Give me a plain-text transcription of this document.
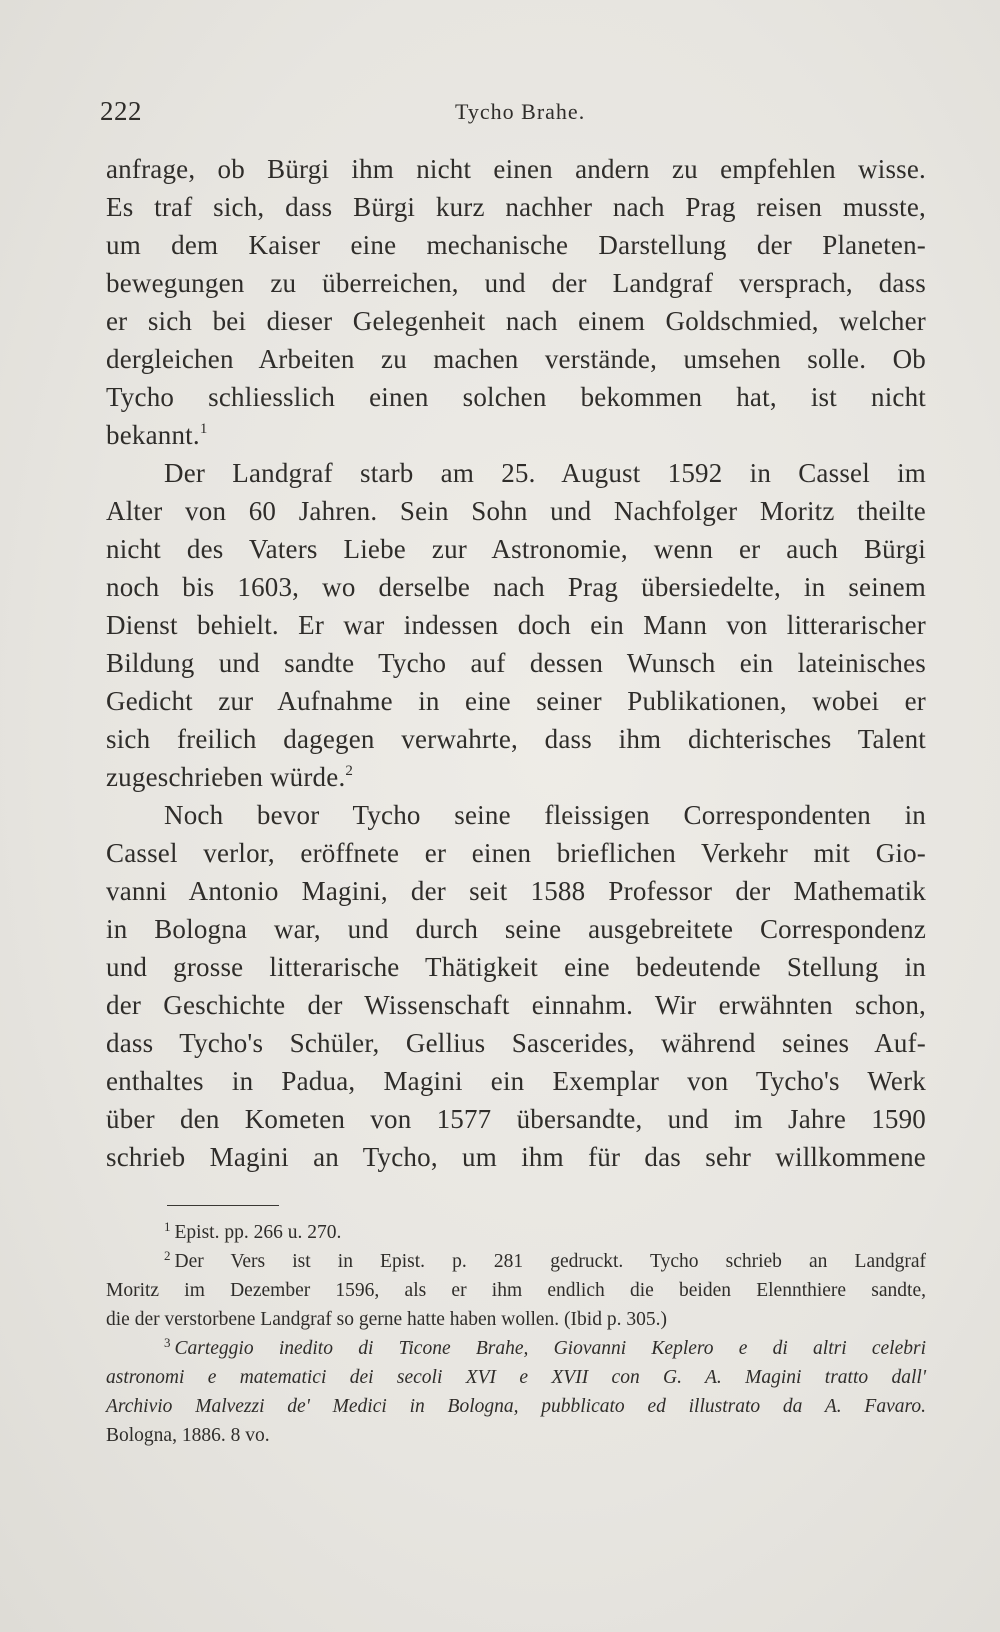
222	Tycho Brahe.
anfrage, ob Bürgi ihm nicht einen andern zu empfehlen wisse.
Es traf sich, dass Bürgi kurz nachher nach Prag reisen musste,
um dem Kaiser eine mechanische Darstellung der Planeten-
bewegungen zu überreichen, und der Landgraf versprach, dass
er sich bei dieser Gelegenheit nach einem Goldschmied, welcher
dergleichen Arbeiten zu machen verstände, umsehen solle. Ob
Tycho schliesslich einen solchen bekommen hat, ist nicht
bekannt.$^1$
Der Landgraf starb am 25. August 1592 in Cassel im
Alter von 60 Jahren. Sein Sohn und Nachfolger Moritz theilte
nicht des Vaters Liebe zur Astronomie, wenn er auch Bürgi
noch bis 1603, wo derselbe nach Prag übersiedelte, in seinem
Dienst behielt. Er war indessen doch ein Mann von litterarischer
Bildung und sandte Tycho auf dessen Wunsch ein lateinisches
Gedicht zur Aufnahme in eine seiner Publikationen, wobei er
sich freilich dagegen verwahrte, dass ihm dichterisches Talent
zugeschrieben würde.$^2$
Noch bevor Tycho seine fleissigen Correspondenten in
Cassel verlor, eröffnete er einen brieflichen Verkehr mit Gio-
vanni Antonio Magini, der seit 1588 Professor der Mathematik
in Bologna war, und durch seine ausgebreitete Correspondenz
und grosse litterarische Thätigkeit eine bedeutende Stellung in
der Geschichte der Wissenschaft einnahm. Wir erwähnten schon,
dass Tycho's Schüler, Gellius Sascerides, während seines Auf-
enthaltes in Padua, Magini ein Exemplar von Tycho's Werk
über den Kometen von 1577 übersandte, und im Jahre 1590
schrieb Magini an Tycho, um ihm für das sehr willkommene
$^1$ Epist. pp. 266 u. 270.
$^2$ Der Vers ist in Epist. p. 281 gedruckt. Tycho schrieb an Landgraf
Moritz im Dezember 1596, als er ihm endlich die beiden Elennthiere sandte,
die der verstorbene Landgraf so gerne hatte haben wollen. (Ibid p. 305.)
$^3$ Carteggio inedito di Ticone Brahe, Giovanni Keplero e di altri celebri
astronomi e matematici dei secoli XVI e XVII con G. A. Magini tratto dall'
Archivio Malvezzi de' Medici in Bologna, pubblicato ed illustrato da A. Favaro.
Bologna, 1886. 8 vo.
